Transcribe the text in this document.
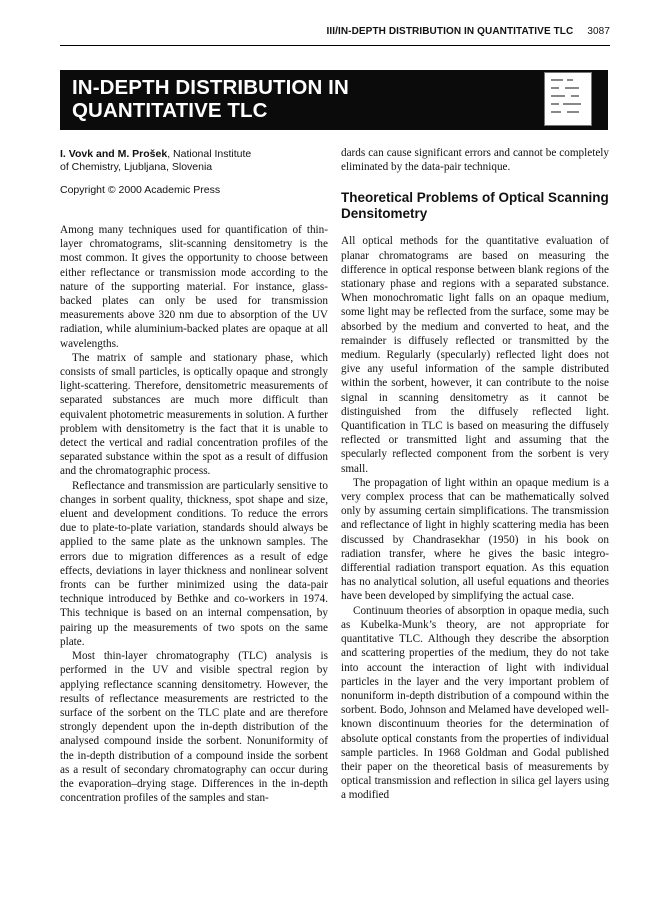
III/IN-DEPTH DISTRIBUTION IN QUANTITATIVE TLC 3087
IN-DEPTH DISTRIBUTION IN
QUANTITATIVE TLC

I. Vovk and M. Prošek, National Institute
of Chemistry, Ljubljana, Slovenia

Copyright © 2000 Academic Press

Among many techniques used for quantification of thin-layer chromatograms, slit-scanning densitometry is the most common. It gives the opportunity to choose between either reflectance or transmission mode according to the nature of the supporting material. For instance, glass-backed plates can only be used for transmission measurements above 320 nm due to absorption of the UV radiation, while aluminium-backed plates are opaque at all wavelengths.

The matrix of sample and stationary phase, which consists of small particles, is optically opaque and strongly light-scattering. Therefore, densitometric measurements of separated substances are much more difficult than equivalent photometric measurements in solution. A further problem with densitometry is the fact that it is unable to detect the vertical and radial concentration profiles of the separated substance within the spot as a result of diffusion and the chromatographic process.

Reflectance and transmission are particularly sensitive to changes in sorbent quality, thickness, spot shape and size, eluent and development conditions. To reduce the errors due to plate-to-plate variation, standards should always be applied to the same plate as the unknown samples. The errors due to migration differences as a result of edge effects, deviations in layer thickness and nonlinear solvent fronts can be further minimized using the data-pair technique introduced by Bethke and co-workers in 1974. This technique is based on an internal compensation, by pairing up the measurements of two spots on the same plate.

Most thin-layer chromatography (TLC) analysis is performed in the UV and visible spectral region by applying reflectance scanning densitometry. However, the results of reflectance measurements are restricted to the surface of the sorbent on the TLC plate and are therefore strongly dependent upon the in-depth distribution of the analysed compound inside the sorbent. Nonuniformity of the in-depth distribution of a compound inside the sorbent as a result of secondary chromatography can occur during the evaporation–drying stage. Differences in the in-depth concentration profiles of the samples and stan-

dards can cause significant errors and cannot be completely eliminated by the data-pair technique.

Theoretical Problems of Optical Scanning Densitometry

All optical methods for the quantitative evaluation of planar chromatograms are based on measuring the difference in optical response between blank regions of the stationary phase and regions with a separated substance. When monochromatic light falls on an opaque medium, some light may be reflected from the surface, some may be absorbed by the medium and converted to heat, and the remainder is diffusely reflected or transmitted by the medium. Regularly (specularly) reflected light does not give any useful information of the sample distributed within the sorbent, however, it can contribute to the noise signal in scanning densitometry as it cannot be distinguished from the diffusely reflected light. Quantification in TLC is based on measuring the diffusely reflected or transmitted light and assuming that the specularly reflected component from the sorbent is very small.

The propagation of light within an opaque medium is a very complex process that can be mathematically solved only by assuming certain simplifications. The transmission and reflectance of light in highly scattering media has been discussed by Chandrasekhar (1950) in his book on radiation transfer, where he gives the basic integro-differential radiation transport equation. As this equation has no analytical solution, all useful equations and theories have been developed by simplifying the actual case.

Continuum theories of absorption in opaque media, such as Kubelka-Munk’s theory, are not appropriate for quantitative TLC. Although they describe the absorption and scattering properties of the medium, they do not take into account the interaction of light with individual particles in the layer and the very important problem of nonuniform in-depth distribution of a compound within the sorbent. Bodo, Johnson and Melamed have developed well-known discontinuum theories for the determination of absolute optical constants from the properties of individual sample particles. In 1968 Goldman and Godal published their paper on the theoretical basis of measurements by optical transmission and reflection in silica gel layers using a modified
